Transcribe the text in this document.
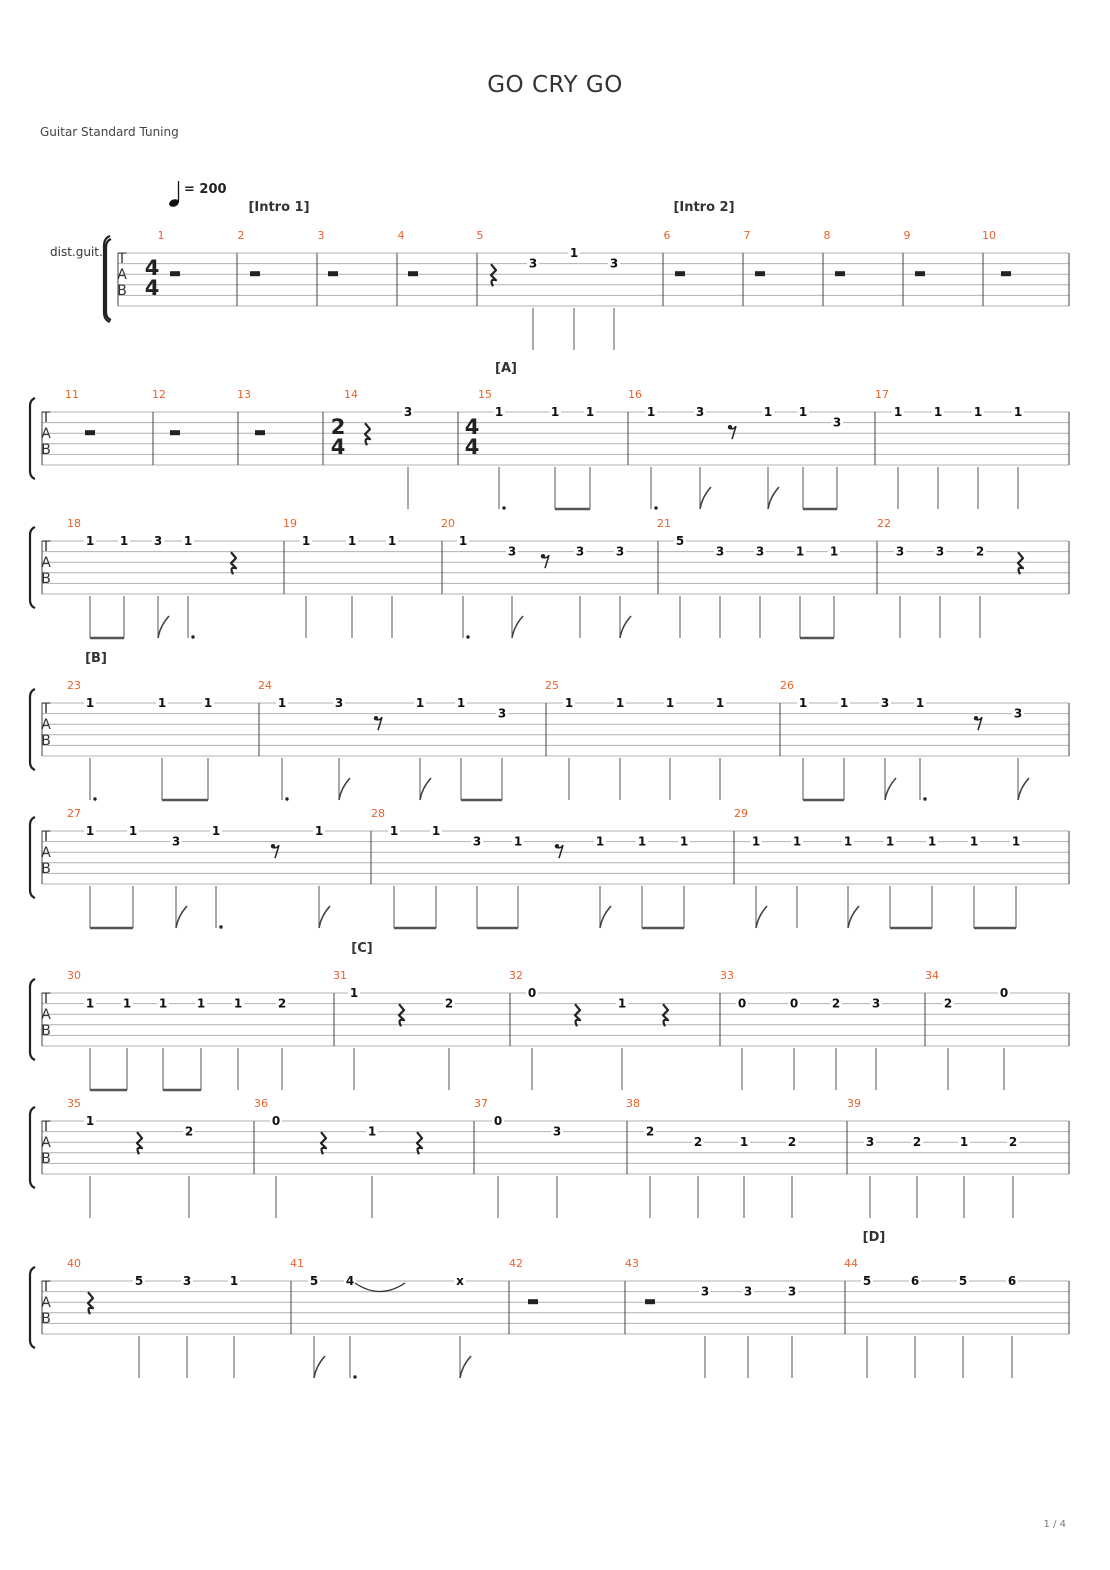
GO CRY GO
Guitar Standard Tuning
T
A
B
T
A
B
T
A
B
T
A
B
T
A
B
T
A
B
T
A
B
T
A
B
dist.guit.
= 200
4
4
2
4
4
4
1	2	3	4	5	6	7	8	9	10
11	12	13	14	15	16	17
18	19	20	21	22
23	24	25	26
27	28	29
30	31	32	33	34
35	36	37	38	39
40	41	42	43	44
[Intro 1]	[Intro 2]
[A]
[B]
[C]
[D]
3
1
3
3	1	1 1	1	3	1 1
3
1	1	1	1
1 1 3 1	1	1	1	1
3	3	3
5
3	3	1 1	3	3	2
1	1	1	1	3	1	1
3
1	1	1	1	1	1	3 1
3
1	1
3
1	1	1	1
3	1	1	1	1	1	1	1	1	1	1	1
1 1 1 1 1	2
1
2
0
1	0	0	2	3	2
0
1
2
0
1
0
3	2
2	1	2	3	2	1	2
5	3	1	5 4	x
3	3	3
5	6	5	6
1 / 4
